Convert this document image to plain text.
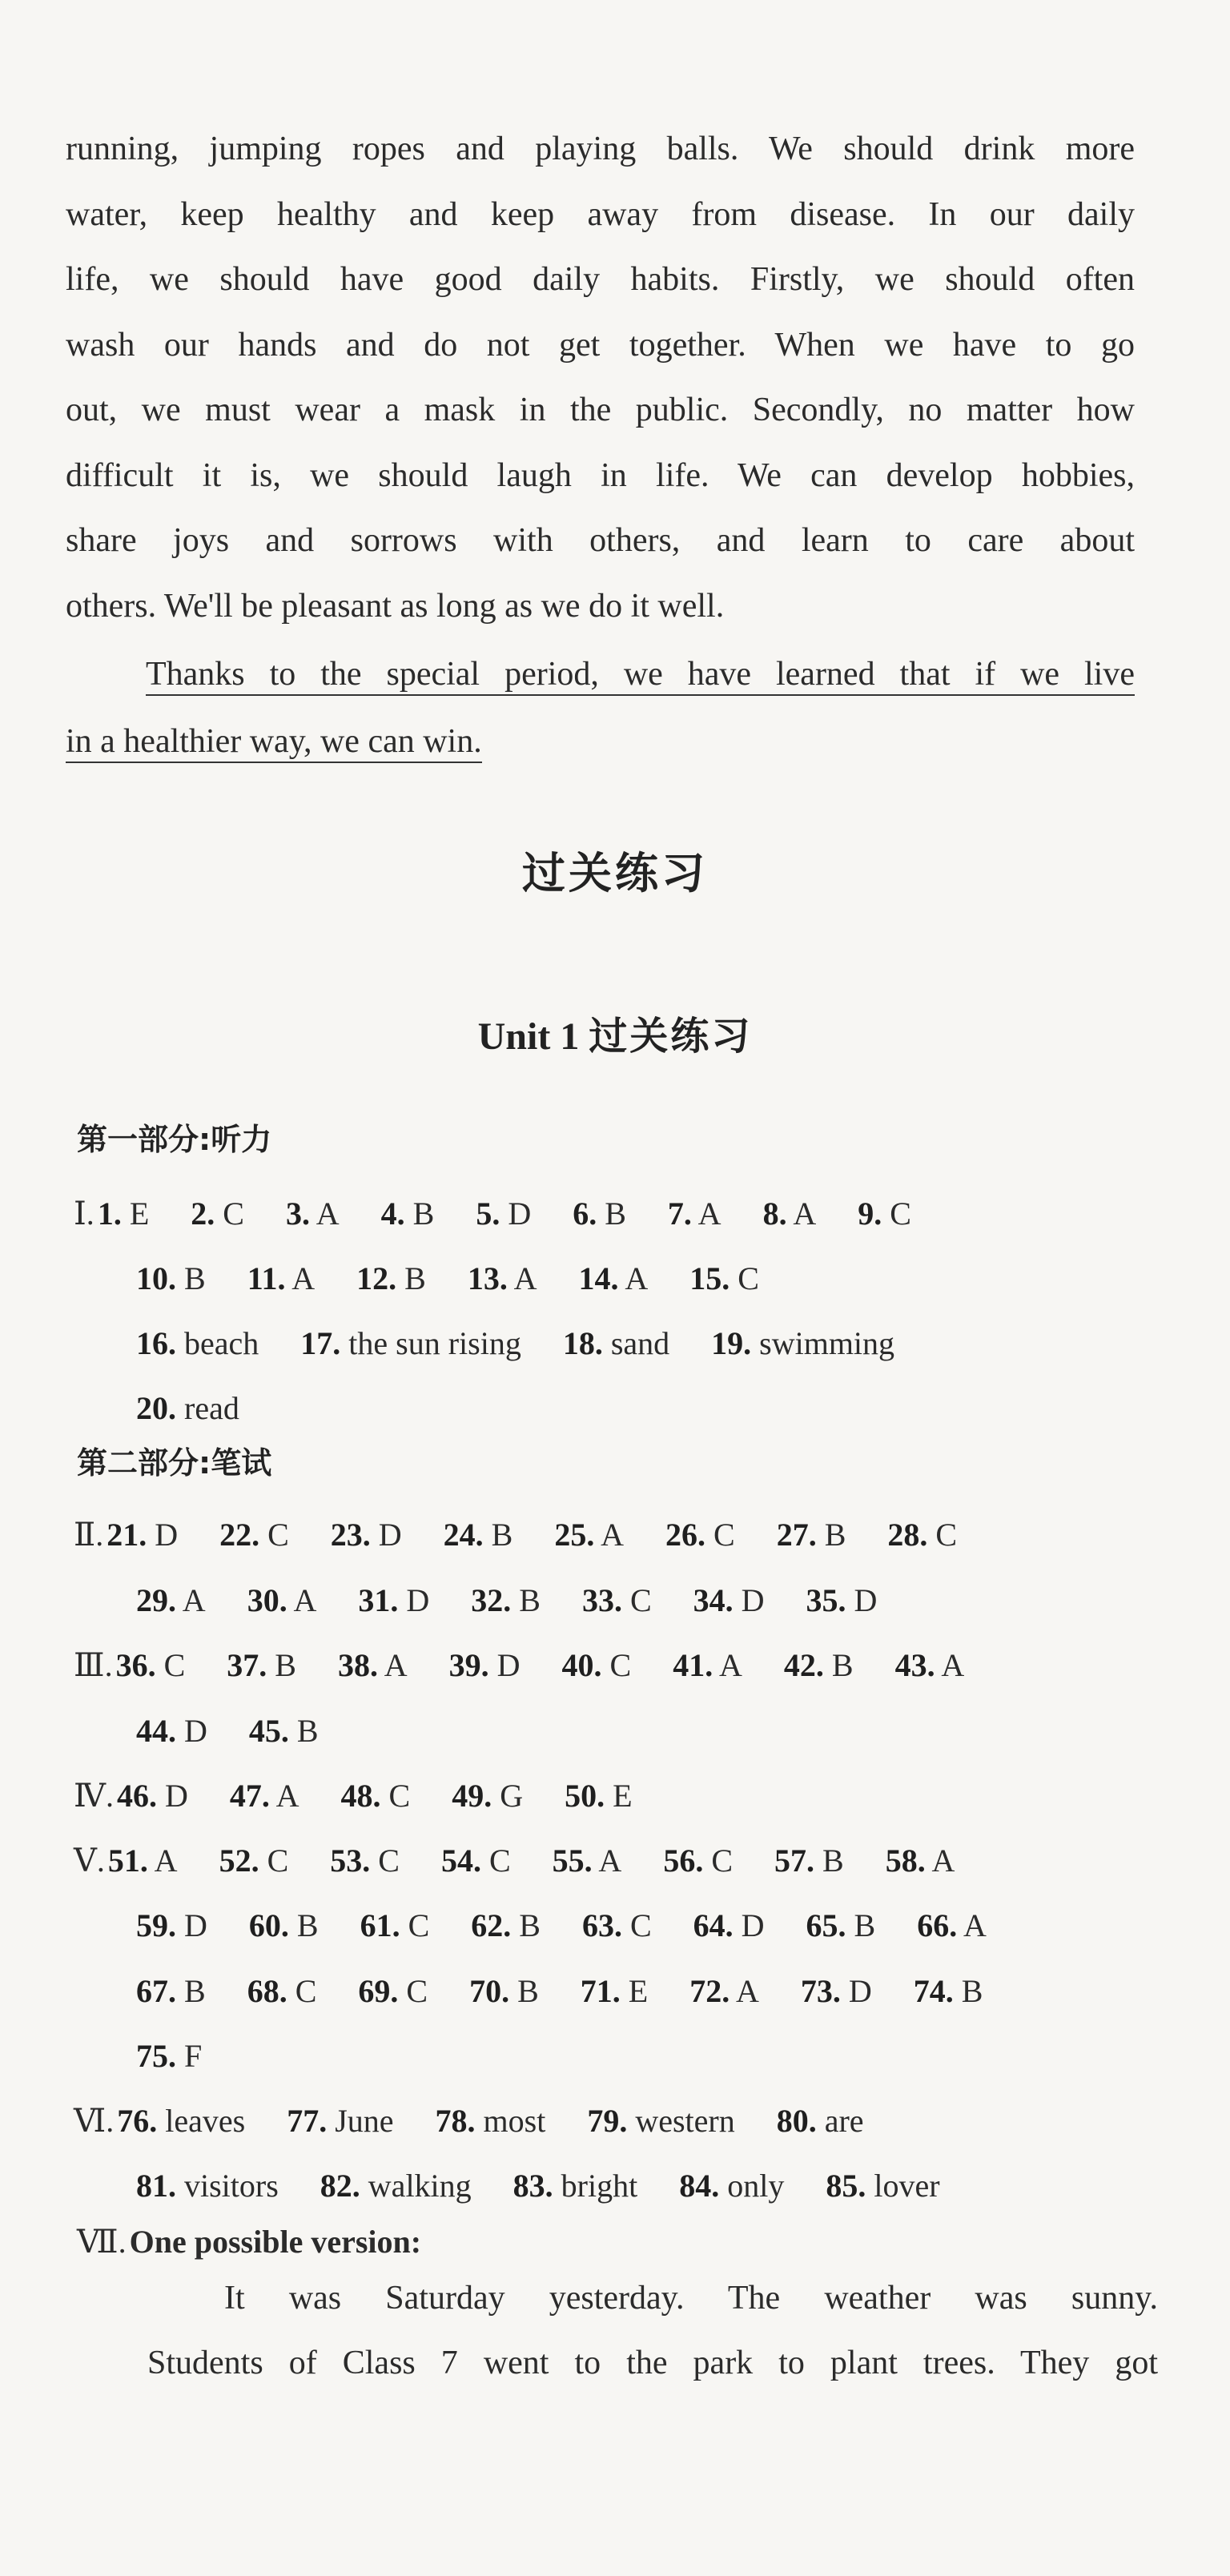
running, jumping ropes and playing balls. We should drink more
water, keep healthy and keep away from disease. In our daily
life, we should have good daily habits. Firstly, we should often
wash our hands and do not get together. When we have to go
out, we must wear a mask in the public. Secondly, no matter how
difficult it is, we should laugh in life. We can develop hobbies,
share joys and sorrows with others, and learn to care about
others. We'll be pleasant as long as we do it well.
Thanks to the special period, we have learned that if we live
in a healthier way, we can win.
过关练习
Unit 1 过关练习
第一部分:听力
Ⅰ. 1. E 2. C 3. A 4. B 5. D 6. B 7. A 8. A 9. C
10. B 11. A 12. B 13. A 14. A 15. C
16. beach 17. the sun rising 18. sand 19. swimming
20. read
Ⅱ. 21. D 22. C 23. D 24. B 25. A 26. C 27. B 28. C
29. A 30. A 31. D 32. B 33. C 34. D 35. D
Ⅲ. 36. C 37. B 38. A 39. D 40. C 41. A 42. B 43. A
44. D 45. B
Ⅳ. 46. D 47. A 48. C 49. G 50. E
Ⅴ. 51. A 52. C 53. C 54. C 55. A 56. C 57. B 58. A
59. D 60. B 61. C 62. B 63. C 64. D 65. B 66. A
67. B 68. C 69. C 70. B 71. E 72. A 73. D 74. B
75. F
Ⅵ. 76. leaves 77. June 78. most 79. western 80. are
81. visitors 82. walking 83. bright 84. only 85. lover
第二部分:笔试
Ⅶ. One possible version:
It was Saturday yesterday. The weather was sunny.
Students of Class 7 went to the park to plant trees. They got
